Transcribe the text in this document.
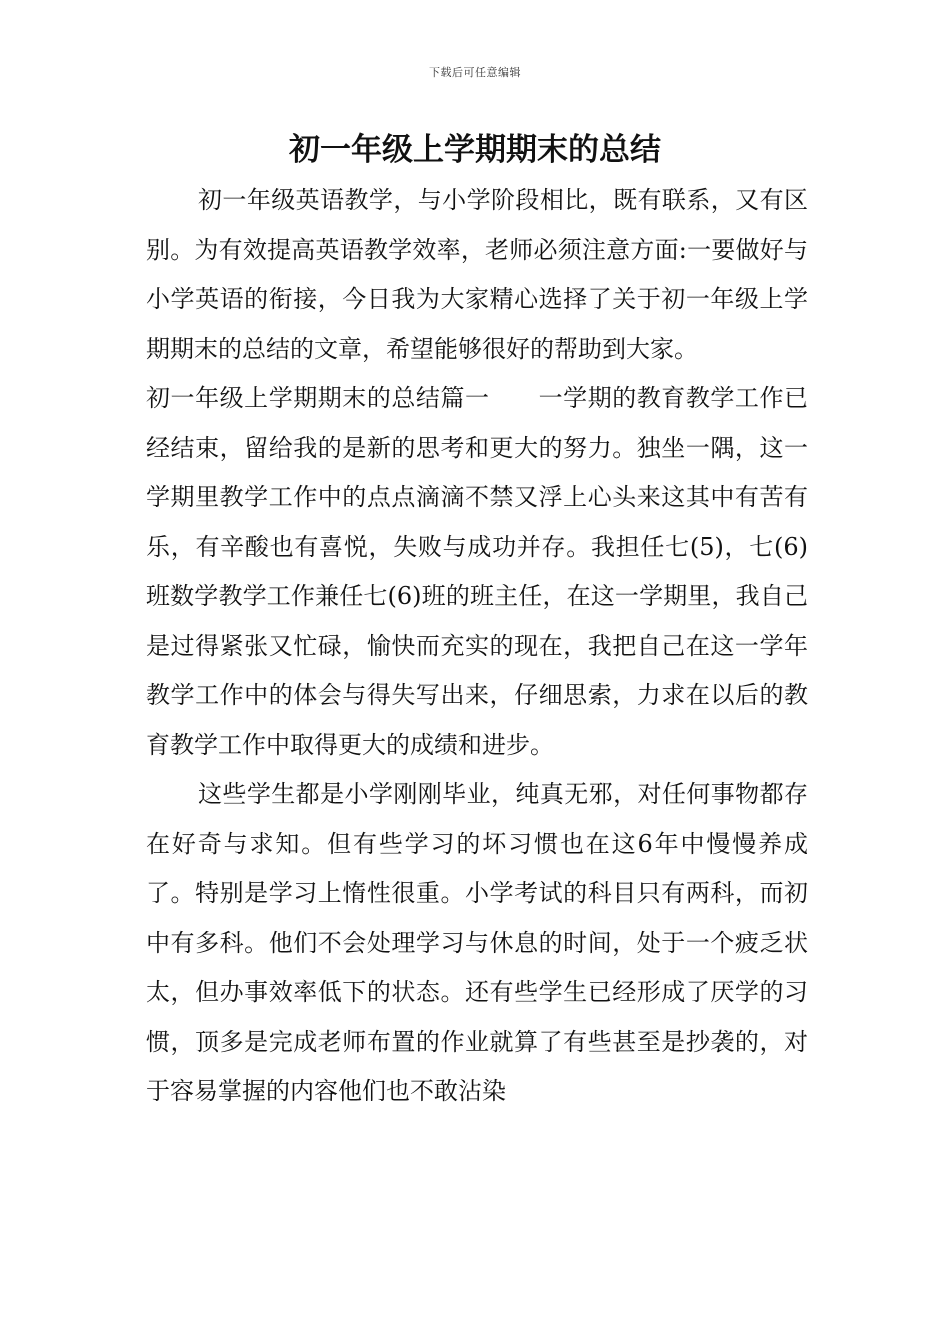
下载后可任意编辑
初一年级上学期期末的总结

初一年级英语教学，与小学阶段相比，既有联系，又有区别。为有效提高英语教学效率，老师必须注意方面:一要做好与小学英语的衔接，今日我为大家精心选择了关于初一年级上学期期末的总结的文章，希望能够很好的帮助到大家。

初一年级上学期期末的总结篇一　　一学期的教育教学工作已经结束，留给我的是新的思考和更大的努力。独坐一隅，这一学期里教学工作中的点点滴滴不禁又浮上心头来这其中有苦有乐，有辛酸也有喜悦，失败与成功并存。我担任七(5)，七(6)班数学教学工作兼任七(6)班的班主任，在这一学期里，我自己是过得紧张又忙碌，愉快而充实的现在，我把自己在这一学年教学工作中的体会与得失写出来，仔细思索，力求在以后的教育教学工作中取得更大的成绩和进步。

这些学生都是小学刚刚毕业，纯真无邪，对任何事物都存在好奇与求知。但有些学习的坏习惯也在这6年中慢慢养成了。特别是学习上惰性很重。小学考试的科目只有两科，而初中有多科。他们不会处理学习与休息的时间，处于一个疲乏状太，但办事效率低下的状态。还有些学生已经形成了厌学的习惯，顶多是完成老师布置的作业就算了有些甚至是抄袭的，对于容易掌握的内容他们也不敢沾染
